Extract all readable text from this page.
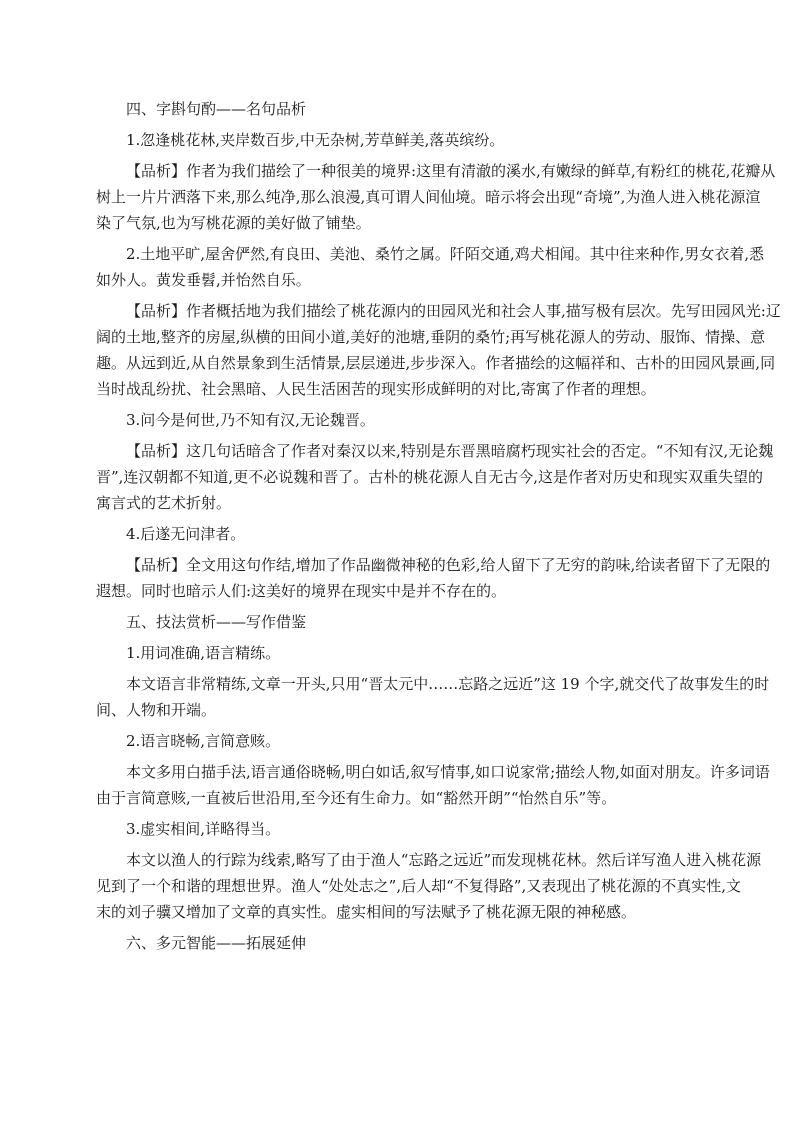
四、字斟句酌——名句品析
1.忽逢桃花林,夹岸数百步,中无杂树,芳草鲜美,落英缤纷。
【品析】作者为我们描绘了一种很美的境界:这里有清澈的溪水,有嫩绿的鲜草,有粉红的桃花,花瓣从
树上一片片洒落下来,那么纯净,那么浪漫,真可谓人间仙境。暗示将会出现“奇境”,为渔人进入桃花源渲
染了气氛,也为写桃花源的美好做了铺垫。
2.土地平旷,屋舍俨然,有良田、美池、桑竹之属。阡陌交通,鸡犬相闻。其中往来种作,男女衣着,悉
如外人。黄发垂髫,并怡然自乐。
【品析】作者概括地为我们描绘了桃花源内的田园风光和社会人事,描写极有层次。先写田园风光:辽
阔的土地,整齐的房屋,纵横的田间小道,美好的池塘,垂阴的桑竹;再写桃花源人的劳动、服饰、情操、意
趣。从远到近,从自然景象到生活情景,层层递进,步步深入。作者描绘的这幅祥和、古朴的田园风景画,同
当时战乱纷扰、社会黑暗、人民生活困苦的现实形成鲜明的对比,寄寓了作者的理想。
3.问今是何世,乃不知有汉,无论魏晋。
【品析】这几句话暗含了作者对秦汉以来,特别是东晋黑暗腐朽现实社会的否定。“不知有汉,无论魏
晋”,连汉朝都不知道,更不必说魏和晋了。古朴的桃花源人自无古今,这是作者对历史和现实双重失望的
寓言式的艺术折射。
4.后遂无问津者。
【品析】全文用这句作结,增加了作品幽微神秘的色彩,给人留下了无穷的韵味,给读者留下了无限的
遐想。同时也暗示人们:这美好的境界在现实中是并不存在的。
五、技法赏析——写作借鉴
1.用词准确,语言精练。
本文语言非常精练,文章一开头,只用“晋太元中……忘路之远近”这 19 个字,就交代了故事发生的时
间、人物和开端。
2.语言晓畅,言简意赅。
本文多用白描手法,语言通俗晓畅,明白如话,叙写情事,如口说家常;描绘人物,如面对朋友。许多词语
由于言简意赅,一直被后世沿用,至今还有生命力。如“豁然开朗”“怡然自乐”等。
3.虚实相间,详略得当。
本文以渔人的行踪为线索,略写了由于渔人“忘路之远近”而发现桃花林。然后详写渔人进入桃花源
见到了一个和谐的理想世界。渔人“处处志之”,后人却“不复得路”,又表现出了桃花源的不真实性,文
末的刘子骥又增加了文章的真实性。虚实相间的写法赋予了桃花源无限的神秘感。
六、多元智能——拓展延伸
